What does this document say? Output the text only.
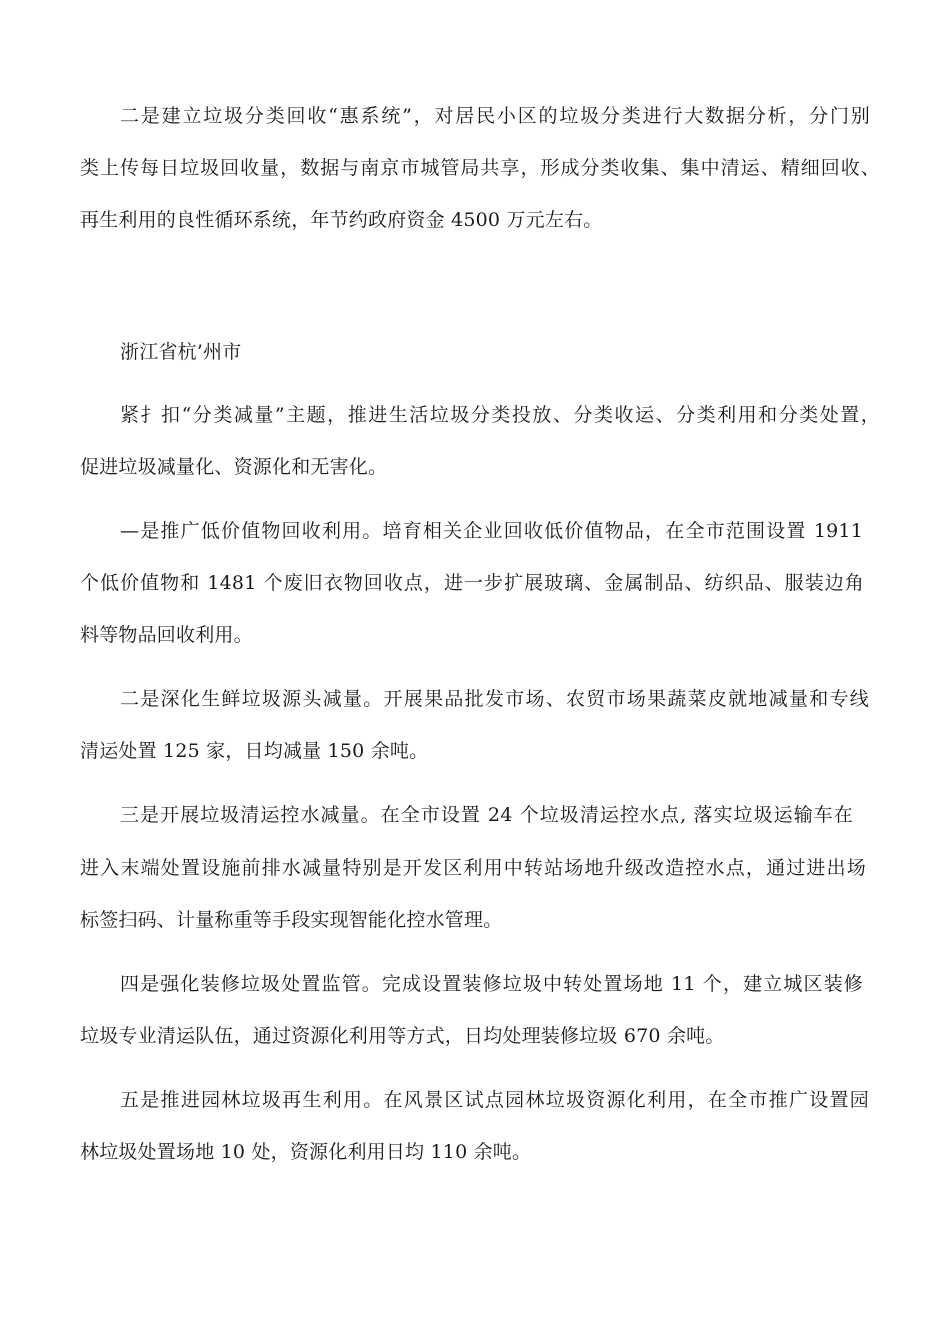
二是建立垃圾分类回收“惠系统”，对居民小区的垃圾分类进行大数据分析，分门别
类上传每日垃圾回收量，数据与南京市城管局共享，形成分类收集、集中清运、精细回收、
再生利用的良性循环系统，年节约政府资金 4500 万元左右。
浙江省杭’州市
紧扌扣“分类减量”主题，推进生活垃圾分类投放、分类收运、分类利用和分类处置，
促进垃圾减量化、资源化和无害化。
—是推广低价值物回收利用。培育相关企业回收低价值物品，在全市范围设置 1911
个低价值物和 1481 个废旧衣物回收点，进一步扩展玻璃、金属制品、纺织品、服装边角
料等物品回收利用。
二是深化生鲜垃圾源头减量。开展果品批发市场、农贸市场果蔬菜皮就地减量和专线
清运处置 125 家，日均减量 150 余吨。
三是开展垃圾清运控水减量。在全市设置 24 个垃圾清运控水点, 落实垃圾运输车在
进入末端处置设施前排水减量特别是开发区利用中转站场地升级改造控水点，通过进出场
标签扫码、计量称重等手段实现智能化控水管理。
四是强化装修垃圾处置监管。完成设置装修垃圾中转处置场地 11 个，建立城区装修
垃圾专业清运队伍，通过资源化利用等方式，日均处理装修垃圾 670 余吨。
五是推进园林垃圾再生利用。在风景区试点园林垃圾资源化利用，在全市推广设置园
林垃圾处置场地 10 处，资源化利用日均 110 余吨。
